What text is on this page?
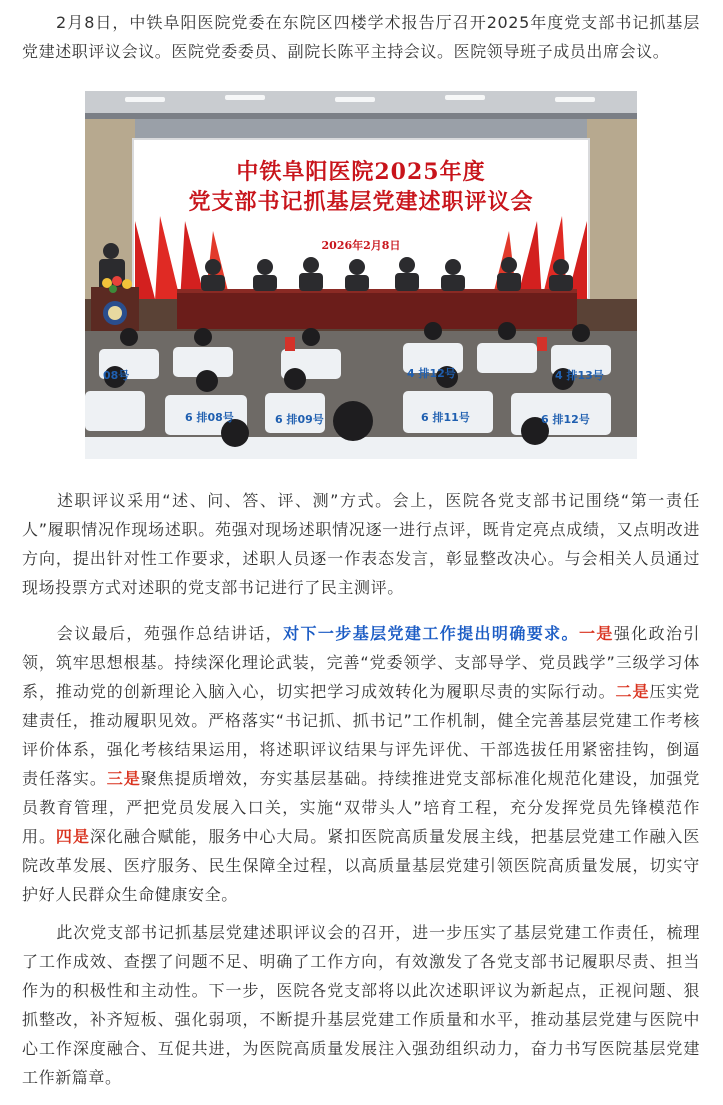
2月8日，中铁阜阳医院党委在东院区四楼学术报告厅召开2025年度党支部书记抓基层党建述职评议会议。医院党委委员、副院长陈平主持会议。医院领导班子成员出席会议。

中铁阜阳医院2025年度
党支部书记抓基层党建述职评议会
2026年2月8日
08号
6 排08号	6 排09号	6 排11号	6 排12号
4 排12号	4 排13号

述职评议采用“述、问、答、评、测”方式。会上，医院各党支部书记围绕“第一责任人”履职情况作现场述职。苑强对现场述职情况逐一进行点评，既肯定亮点成绩，又点明改进方向，提出针对性工作要求，述职人员逐一作表态发言，彰显整改决心。与会相关人员通过现场投票方式对述职的党支部书记进行了民主测评。

会议最后，苑强作总结讲话，对下一步基层党建工作提出明确要求。一是强化政治引领，筑牢思想根基。持续深化理论武装，完善“党委领学、支部导学、党员践学”三级学习体系，推动党的创新理论入脑入心，切实把学习成效转化为履职尽责的实际行动。二是压实党建责任，推动履职见效。严格落实“书记抓、抓书记”工作机制，健全完善基层党建工作考核评价体系，强化考核结果运用，将述职评议结果与评先评优、干部选拔任用紧密挂钩，倒逼责任落实。三是聚焦提质增效，夯实基层基础。持续推进党支部标准化规范化建设，加强党员教育管理，严把党员发展入口关，实施“双带头人”培育工程，充分发挥党员先锋模范作用。四是深化融合赋能，服务中心大局。紧扣医院高质量发展主线，把基层党建工作融入医院改革发展、医疗服务、民生保障全过程，以高质量基层党建引领医院高质量发展，切实守护好人民群众生命健康安全。

此次党支部书记抓基层党建述职评议会的召开，进一步压实了基层党建工作责任，梳理了工作成效、查摆了问题不足、明确了工作方向，有效激发了各党支部书记履职尽责、担当作为的积极性和主动性。下一步，医院各党支部将以此次述职评议为新起点，正视问题、狠抓整改，补齐短板、强化弱项，不断提升基层党建工作质量和水平，推动基层党建与医院中心工作深度融合、互促共进，为医院高质量发展注入强劲组织动力，奋力书写医院基层党建工作新篇章。
